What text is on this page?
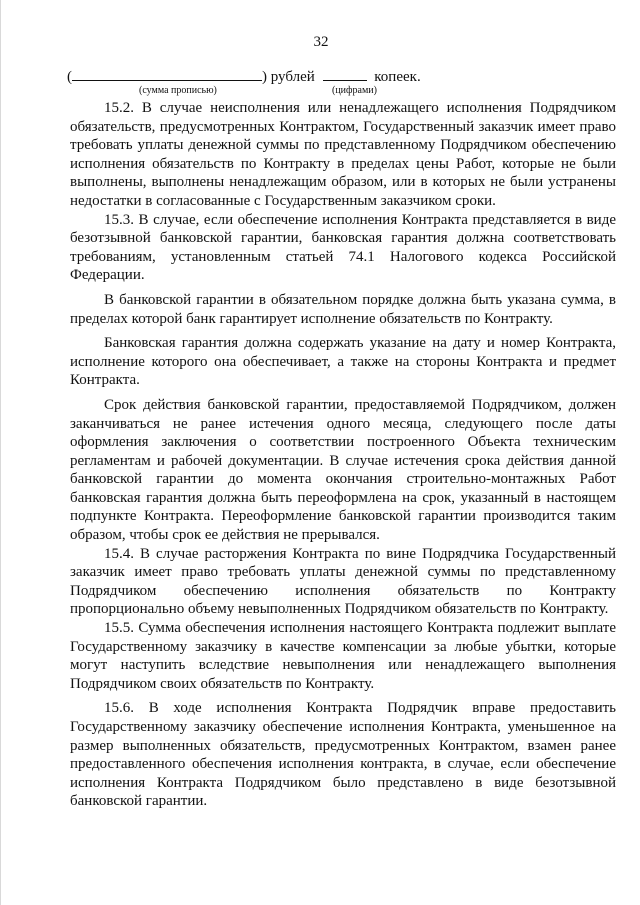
32
(	) рублей	копеек.
(сумма прописью)	(цифрами)

15.2. В случае неисполнения или ненадлежащего исполнения Подрядчиком обязательств, предусмотренных Контрактом, Государственный заказчик имеет право требовать уплаты денежной суммы по представленному Подрядчиком обеспечению исполнения обязательств по Контракту в пределах цены Работ, которые не были выполнены, выполнены ненадлежащим образом, или в которых не были устранены недостатки в согласованные с Государственным заказчиком сроки.

15.3. В случае, если обеспечение исполнения Контракта представляется в виде безотзывной банковской гарантии, банковская гарантия должна соответствовать требованиям, установленным статьей 74.1 Налогового кодекса Российской Федерации.

В банковской гарантии в обязательном порядке должна быть указана сумма, в пределах которой банк гарантирует исполнение обязательств по Контракту.

Банковская гарантия должна содержать указание на дату и номер Контракта, исполнение которого она обеспечивает, а также на стороны Контракта и предмет Контракта.

Срок действия банковской гарантии, предоставляемой Подрядчиком, должен заканчиваться не ранее истечения одного месяца, следующего после даты оформления заключения о соответствии построенного Объекта техническим регламентам и рабочей документации. В случае истечения срока действия данной банковской гарантии до момента окончания строительно-монтажных Работ банковская гарантия должна быть переоформлена на срок, указанный в настоящем подпункте Контракта. Переоформление банковской гарантии производится таким образом, чтобы срок ее действия не прерывался.

15.4. В случае расторжения Контракта по вине Подрядчика Государственный заказчик имеет право требовать уплаты денежной суммы по представленному Подрядчиком обеспечению исполнения обязательств по Контракту пропорционально объему невыполненных Подрядчиком обязательств по Контракту.

15.5. Сумма обеспечения исполнения настоящего Контракта подлежит выплате Государственному заказчику в качестве компенсации за любые убытки, которые могут наступить вследствие невыполнения или ненадлежащего выполнения Подрядчиком своих обязательств по Контракту.

15.6. В ходе исполнения Контракта Подрядчик вправе предоставить Государственному заказчику обеспечение исполнения Контракта, уменьшенное на размер выполненных обязательств, предусмотренных Контрактом, взамен ранее предоставленного обеспечения исполнения контракта, в случае, если обеспечение исполнения Контракта Подрядчиком было представлено в виде безотзывной банковской гарантии.
